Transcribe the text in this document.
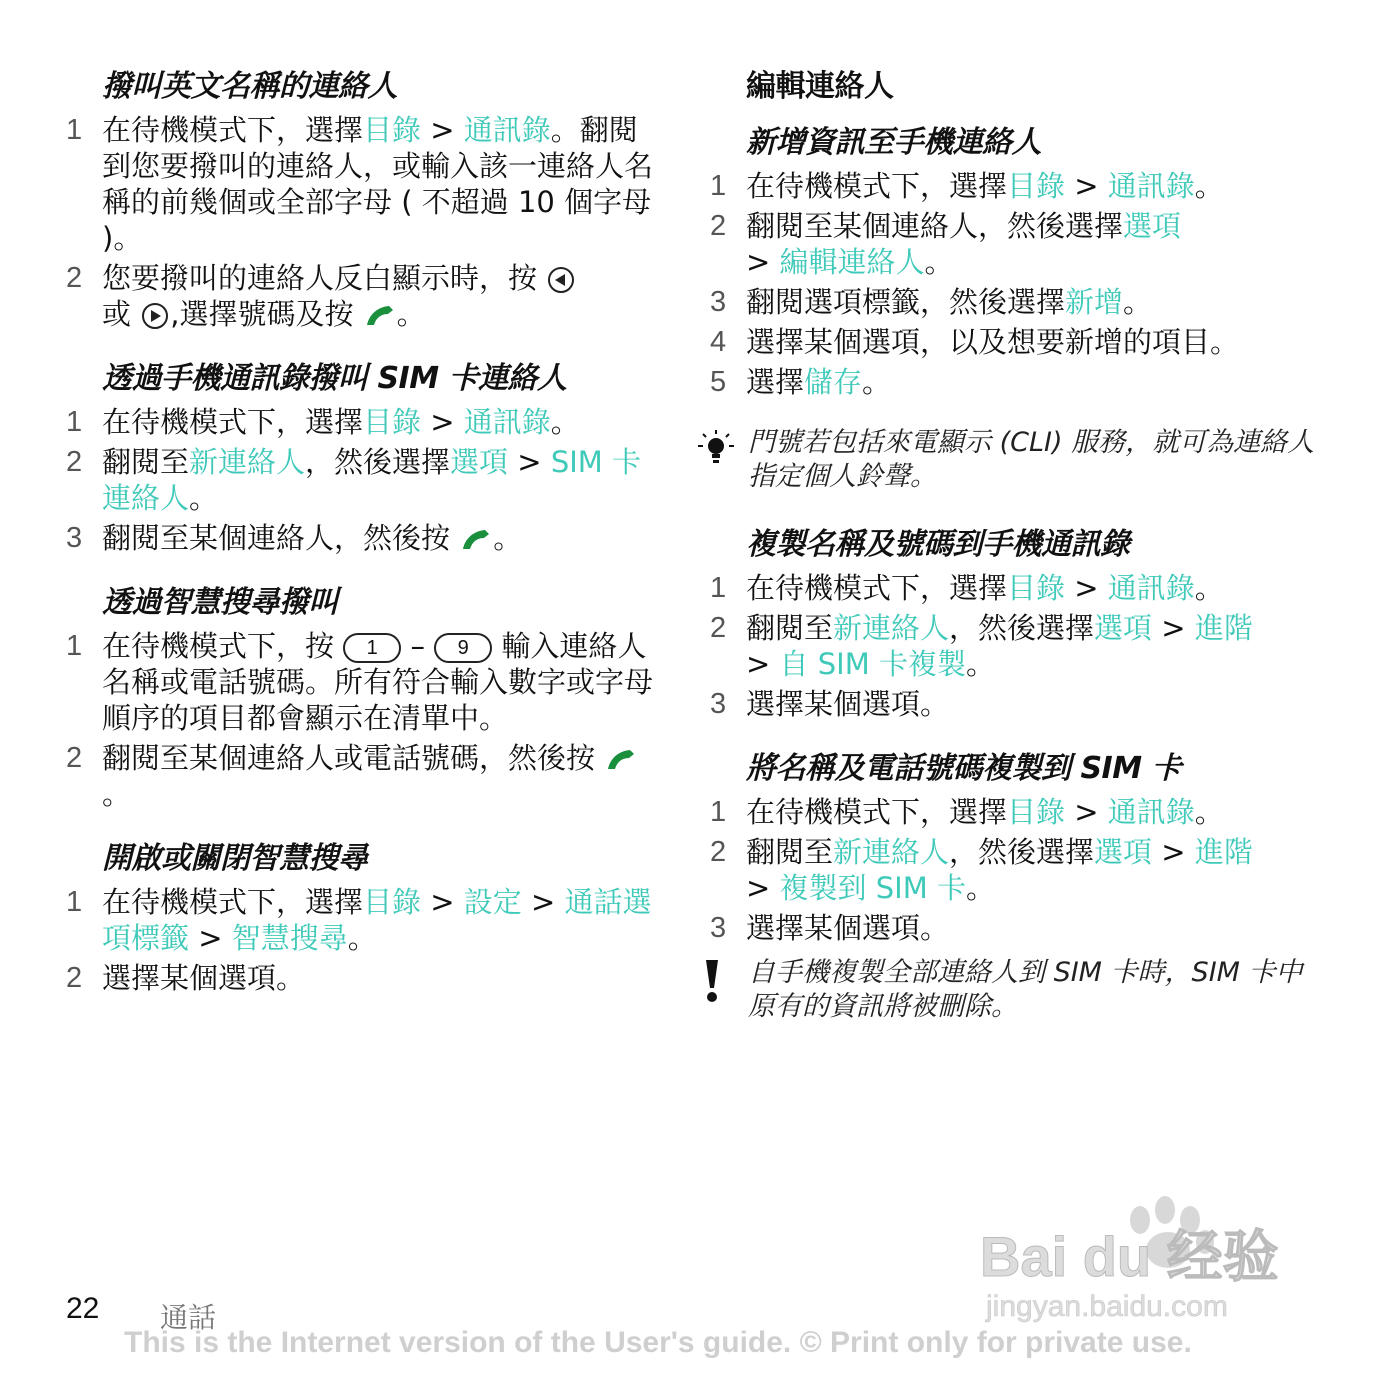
撥叫英文名稱的連絡人
1 在待機模式下，選擇目錄 > 通訊錄。翻閱到您要撥叫的連絡人，或輸入該一連絡人名稱的前幾個或全部字母 ( 不超過 10 個字母 )。
2 您要撥叫的連絡人反白顯示時，按
或 ,選擇號碼及按 。
透過手機通訊錄撥叫 SIM 卡連絡人
1 在待機模式下，選擇目錄 > 通訊錄。
2 翻閱至新連絡人，然後選擇選項 > SIM 卡連絡人。
3 翻閱至某個連絡人，然後按 。
透過智慧搜尋撥叫
1 在待機模式下，按 1 – 9 輸入連絡人名稱或電話號碼。所有符合輸入數字或字母順序的項目都會顯示在清單中。
2 翻閱至某個連絡人或電話號碼，然後按 。
開啟或關閉智慧搜尋
1 在待機模式下，選擇目錄 > 設定 > 通話選項標籤 > 智慧搜尋。
2 選擇某個選項。
編輯連絡人
新增資訊至手機連絡人
1 在待機模式下，選擇目錄 > 通訊錄。
2 翻閱至某個連絡人，然後選擇選項
> 編輯連絡人。
3 翻閱選項標籤，然後選擇新增。
4 選擇某個選項，以及想要新增的項目。
5 選擇儲存。
門號若包括來電顯示 (CLI) 服務，就可為連絡人指定個人鈴聲。
複製名稱及號碼到手機通訊錄
1 在待機模式下，選擇目錄 > 通訊錄。
2 翻閱至新連絡人，然後選擇選項 > 進階
> 自 SIM 卡複製。
3 選擇某個選項。
將名稱及電話號碼複製到 SIM 卡
1 在待機模式下，選擇目錄 > 通訊錄。
2 翻閱至新連絡人，然後選擇選項 > 進階
> 複製到 SIM 卡。
3 選擇某個選項。
自手機複製全部連絡人到 SIM 卡時，SIM 卡中原有的資訊將被刪除。
Bai du 经验
jingyan.baidu.com
22 通話
This is the Internet version of the User's guide. © Print only for private use.
